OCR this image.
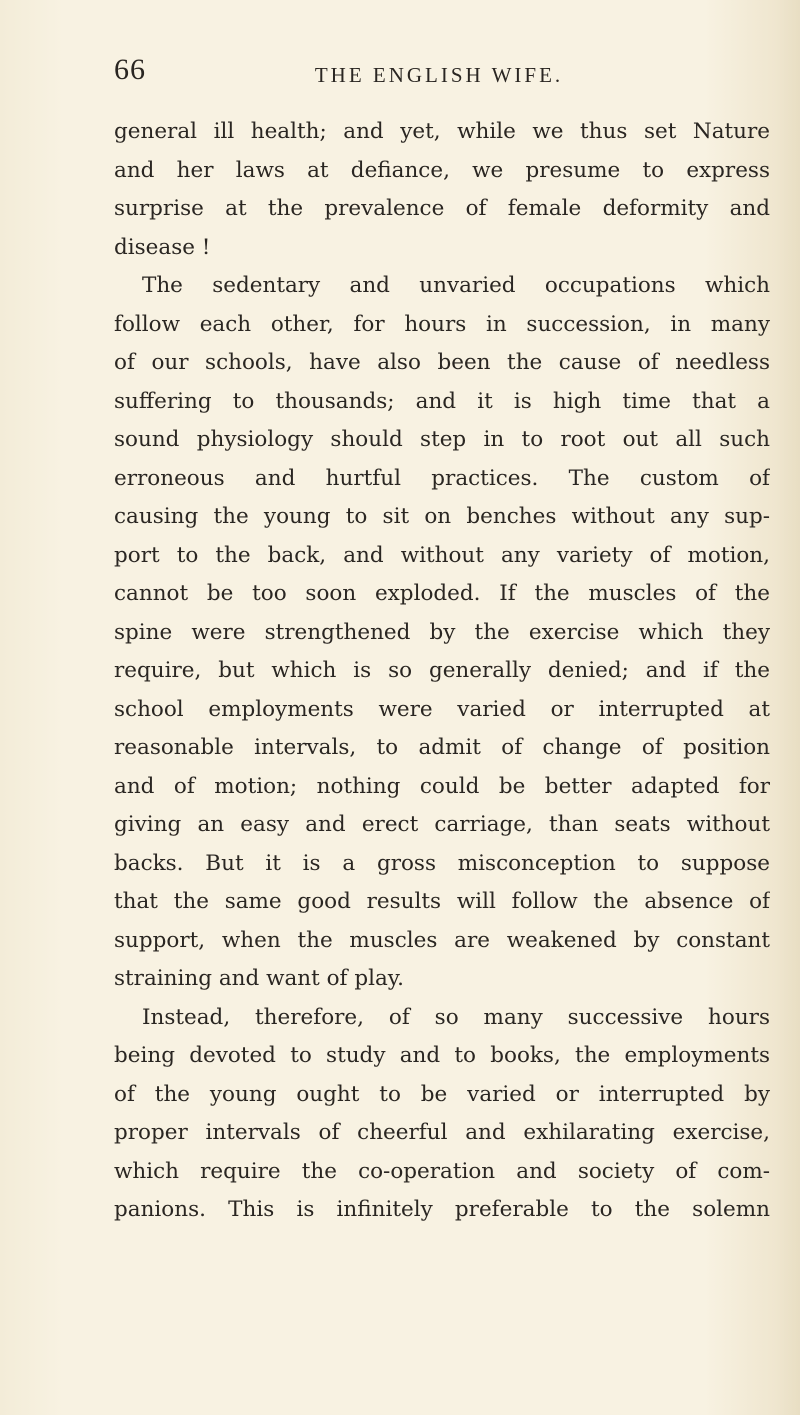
66	THE ENGLISH WIFE.
general ill health; and yet, while we thus set Nature
and her laws at defiance, we presume to express
surprise at the prevalence of female deformity and
disease !
The sedentary and unvaried occupations which
follow each other, for hours in succession, in many
of our schools, have also been the cause of needless
suffering to thousands; and it is high time that a
sound physiology should step in to root out all such
erroneous and hurtful practices. The custom of
causing the young to sit on benches without any sup-
port to the back, and without any variety of motion,
cannot be too soon exploded. If the muscles of the
spine were strengthened by the exercise which they
require, but which is so generally denied; and if the
school employments were varied or interrupted at
reasonable intervals, to admit of change of position
and of motion; nothing could be better adapted for
giving an easy and erect carriage, than seats without
backs. But it is a gross misconception to suppose
that the same good results will follow the absence of
support, when the muscles are weakened by constant
straining and want of play.
Instead, therefore, of so many successive hours
being devoted to study and to books, the employments
of the young ought to be varied or interrupted by
proper intervals of cheerful and exhilarating exercise,
which require the co-operation and society of com-
panions. This is infinitely preferable to the solemn
